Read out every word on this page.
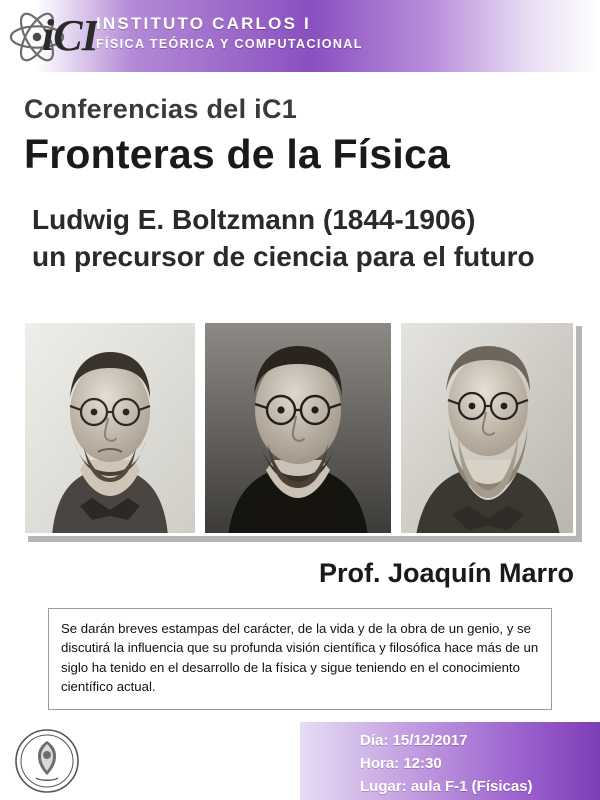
iCI
INSTITUTO CARLOS I
FÍSICA TEÓRICA Y COMPUTACIONAL
Conferencias del iC1
Fronteras de la Física
Ludwig E. Boltzmann (1844-1906)
un precursor de ciencia para el futuro
Prof. Joaquín Marro
Se darán breves estampas del carácter, de la vida y de la obra de un genio, y se discutirá la influencia que su profunda visión científica y filosófica hace más de un siglo ha tenido en el desarrollo de la física y sigue teniendo en el conocimiento científico actual.
Día: 15/12/2017
Hora: 12:30
Lugar: aula F-1 (Físicas)
